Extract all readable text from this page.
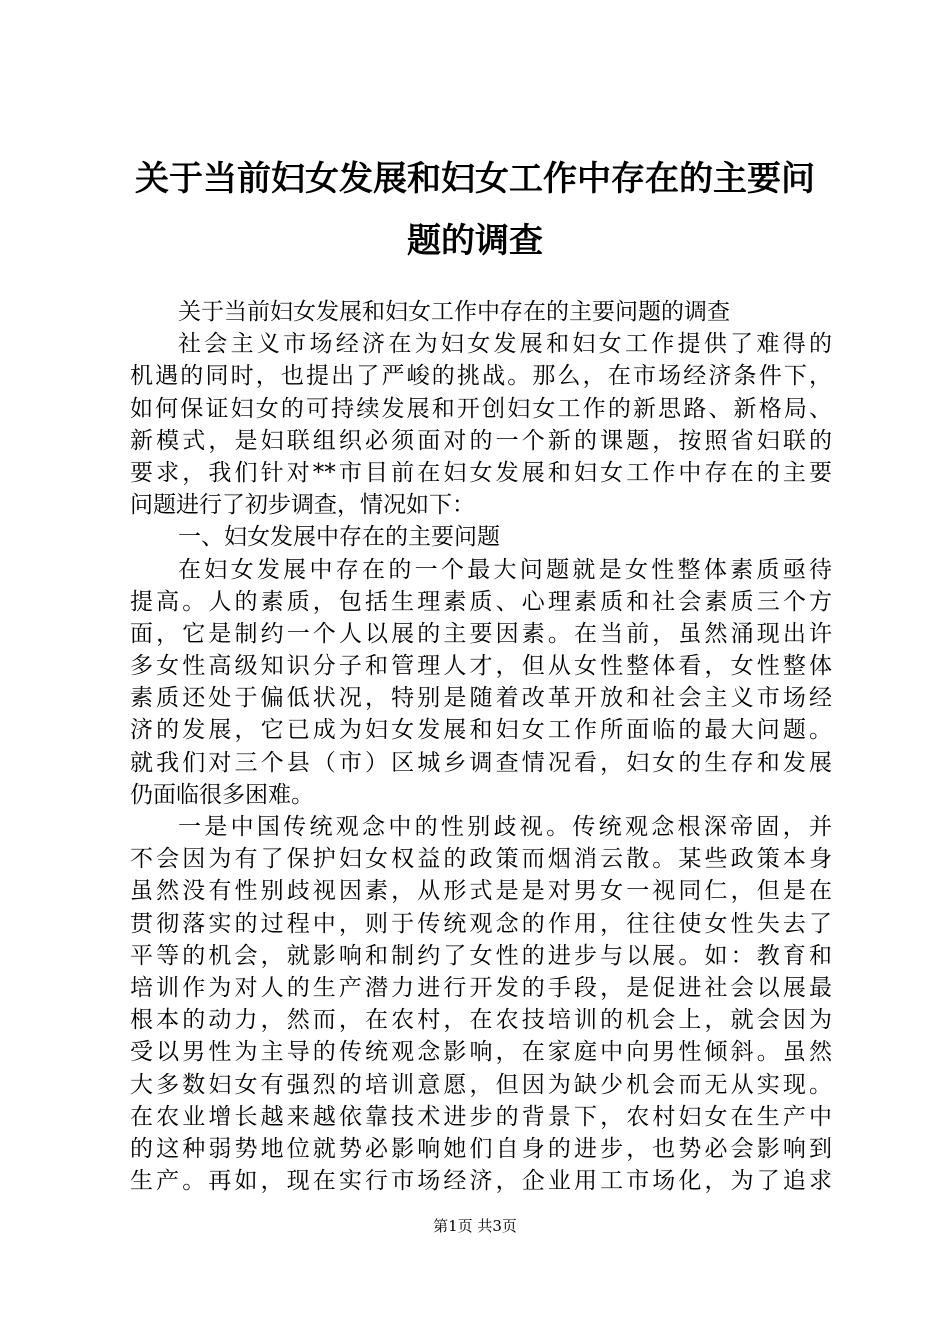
关于当前妇女发展和妇女工作中存在的主要问
题的调查
关于当前妇女发展和妇女工作中存在的主要问题的调查
社会主义市场经济在为妇女发展和妇女工作提供了难得的
机遇的同时，也提出了严峻的挑战。那么，在市场经济条件下，
如何保证妇女的可持续发展和开创妇女工作的新思路、新格局、
新模式，是妇联组织必须面对的一个新的课题，按照省妇联的
要求，我们针对**市目前在妇女发展和妇女工作中存在的主要
问题进行了初步调查，情况如下：
一、妇女发展中存在的主要问题
在妇女发展中存在的一个最大问题就是女性整体素质亟待
提高。人的素质，包括生理素质、心理素质和社会素质三个方
面，它是制约一个人以展的主要因素。在当前，虽然涌现出许
多女性高级知识分子和管理人才，但从女性整体看，女性整体
素质还处于偏低状况，特别是随着改革开放和社会主义市场经
济的发展，它已成为妇女发展和妇女工作所面临的最大问题。
就我们对三个县（市）区城乡调查情况看，妇女的生存和发展
仍面临很多困难。
一是中国传统观念中的性别歧视。传统观念根深帝固，并
不会因为有了保护妇女权益的政策而烟消云散。某些政策本身
虽然没有性别歧视因素，从形式是是对男女一视同仁，但是在
贯彻落实的过程中，则于传统观念的作用，往往使女性失去了
平等的机会，就影响和制约了女性的进步与以展。如：教育和
培训作为对人的生产潜力进行开发的手段，是促进社会以展最
根本的动力，然而，在农村，在农技培训的机会上，就会因为
受以男性为主导的传统观念影响，在家庭中向男性倾斜。虽然
大多数妇女有强烈的培训意愿，但因为缺少机会而无从实现。
在农业增长越来越依靠技术进步的背景下，农村妇女在生产中
的这种弱势地位就势必影响她们自身的进步，也势必会影响到
生产。再如，现在实行市场经济，企业用工市场化，为了追求
第1页 共3页
